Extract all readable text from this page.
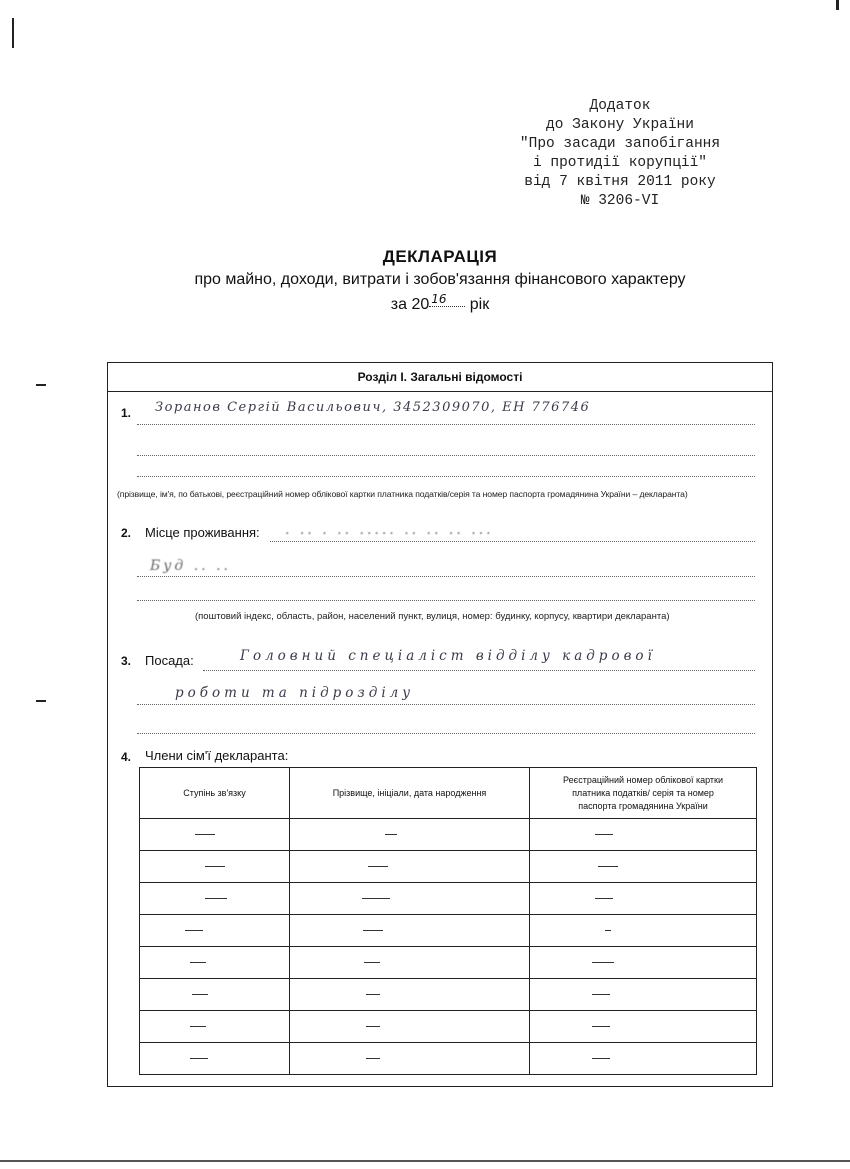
Додаток
до Закону України
"Про засади запобігання
і протидії корупції"
від 7 квітня 2011 року
№ 3206-VI
ДЕКЛАРАЦІЯ
про майно, доходи, витрати і зобов'язання фінансового характеру
за 20 16 рік
Розділ І. Загальні відомості
1. Зоранов Сергій Васильович, 3452309070, ЕН 776746
(прізвище, ім'я, по батькові, реєстраційний номер облікової картки платника податків/серія та номер паспорта громадянина України – декларанта)
2. Місце проживання: . .. . .. ..... .. .. .. ...
Буд .. ..
(поштовий індекс, область, район, населений пункт, вулиця, номер: будинку, корпусу, квартири декларанта)
3. Посада:	Головний спеціаліст відділу кадрової
роботи та підрозділу
4. Члени сім'ї декларанта:
Ступінь зв'язку	Прізвище, ініціали, дата народження	Реєстраційний номер облікової картки платника податків/ серія та номер паспорта громадянина України
